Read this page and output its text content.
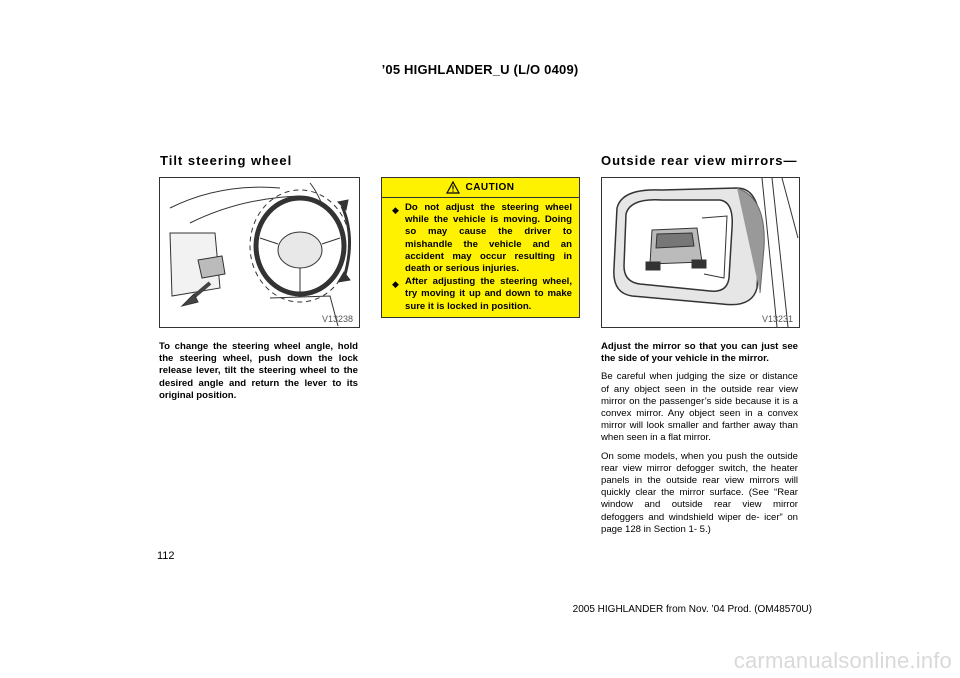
’05 HIGHLANDER_U (L/O 0409)
Tilt steering wheel
V13238
To change the steering wheel angle, hold the steering wheel, push down the lock release lever, tilt the steering wheel to the desired angle and return the lever to its original position.
CAUTION
◆ Do not adjust the steering wheel while the vehicle is moving. Doing so may cause the driver to mishandle the vehicle and an accident may occur resulting in death or serious injuries.
◆ After adjusting the steering wheel, try moving it up and down to make sure it is locked in position.
Outside rear view mirrors—
V13231
Adjust the mirror so that you can just see the side of your vehicle in the mirror.

Be careful when judging the size or distance of any object seen in the outside rear view mirror on the passenger’s side because it is a convex mirror. Any object seen in a convex mirror will look smaller and farther away than when seen in a flat mirror.

On some models, when you push the outside rear view mirror defogger switch, the heater panels in the outside rear view mirrors will quickly clear the mirror surface. (See “Rear window and outside rear view mirror defoggers and windshield wiper de- icer” on page 128 in Section 1- 5.)

112
2005 HIGHLANDER from Nov. ’04 Prod. (OM48570U)
carmanualsonline.info
